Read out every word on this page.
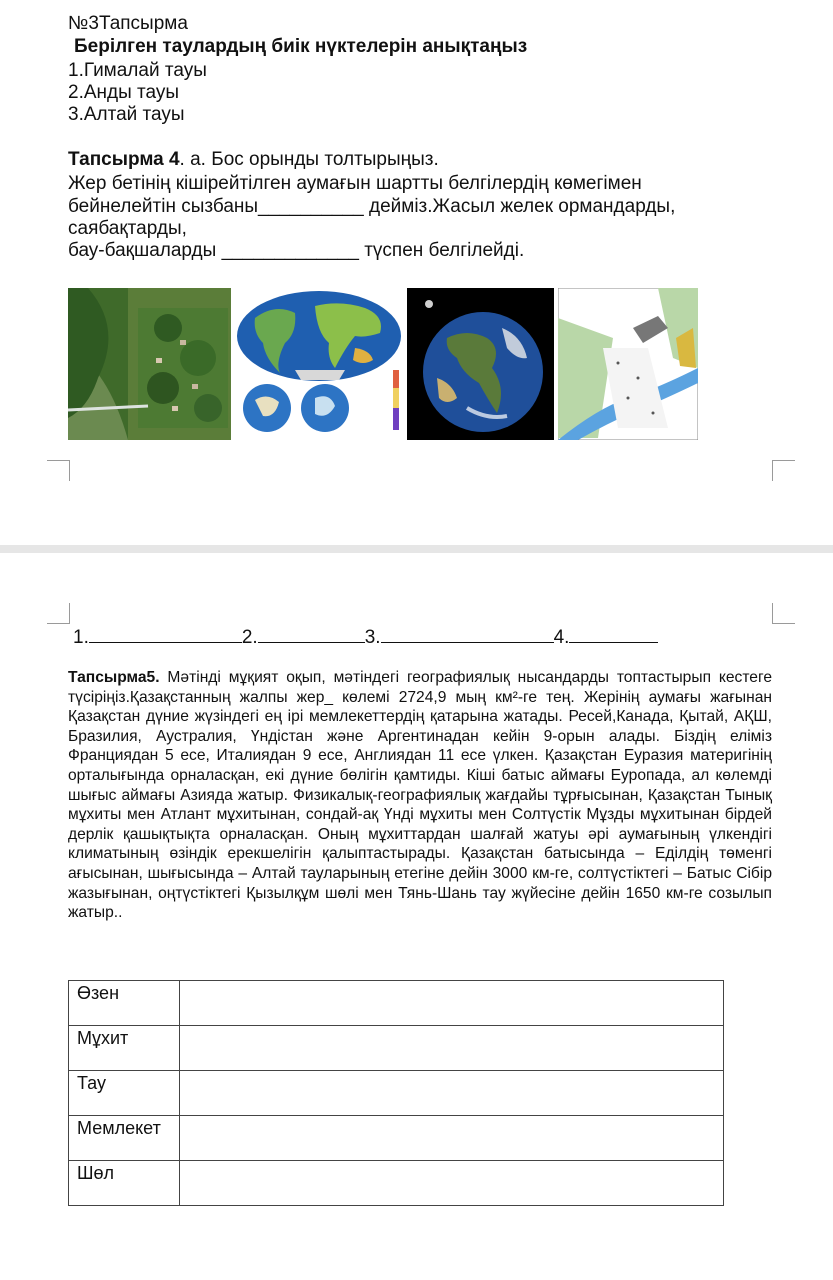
№3Тапсырма
Берілген таулардың биік нүктелерін анықтаңыз
1.Гималай тауы
2.Анды тауы
3.Алтай тауы
Тапсырма 4. а. Бос орынды толтырыңыз.
Жер бетінің кішірейтілген аумағын шартты белгілердің көмегімен
бейнелейтін сызбаны__________ дейміз.Жасыл желек ормандарды,
саябақтарды,
бау-бақшаларды _____________ түспен белгілейді.
1.	2.	3.	4.
Тапсырма5. Мәтінді мұқият оқып, мәтіндегі географиялық нысандарды топтастырып кестеге түсіріңіз.Қазақстанның жалпы жер_ көлемі 2724,9 мың км²-ге тең. Жерінің аумағы жағынан Қазақстан дүние жүзіндегі ең ірі мемлекеттердің қатарына жатады. Ресей,Канада, Қытай, АҚШ, Бразилия, Аустралия, Үндістан және Аргентинадан кейін 9-орын алады. Біздің еліміз Франциядан 5 есе, Италиядан 9 есе, Англиядан 11 есе үлкен. Қазақстан Еуразия материгінің орталығында орналасқан, екі дүние бөлігін қамтиды. Кіші батыс аймағы Еуропада, ал көлемді шығыс аймағы Азияда жатыр. Физикалық-географиялық жағдайы тұрғысынан, Қазақстан Тынық мұхиты мен Атлант мұхитынан, сондай-ақ Үнді мұхиты мен Солтүстік Мұзды мұхитынан бірдей дерлік қашықтықта орналасқан. Оның мұхиттардан шалғай жатуы әрі аумағының үлкендігі климатының өзіндік ерекшелігін қалыптастырады. Қазақстан батысында – Еділдің төменгі ағысынан, шығысында – Алтай тауларының етегіне дейін 3000 км-ге, солтүстіктегі – Батыс Сібір жазығынан, оңтүстіктегі Қызылқұм шөлі мен Тянь-Шань тау жүйесіне дейін 1650 км-ге созылып жатыр..
Өзен	
Мұхит	
Тау	
Мемлекет	
Шөл	
